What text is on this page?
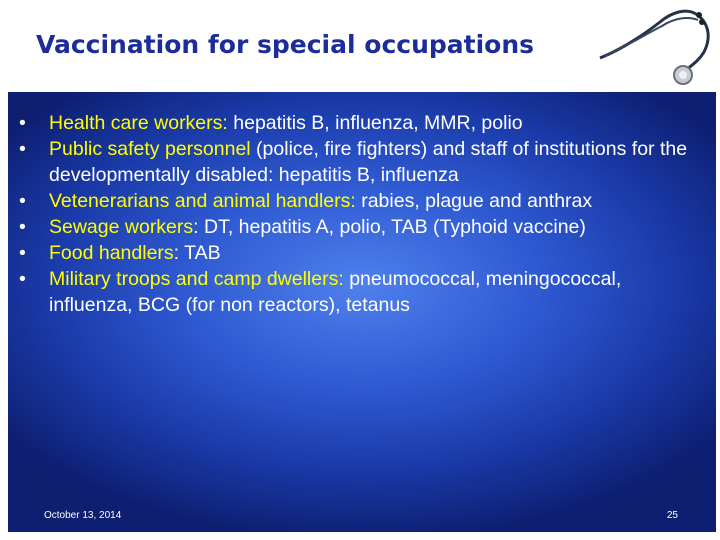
Vaccination for special occupations
• Health care workers: hepatitis B, influenza, MMR, polio
• Public safety personnel (police, fire fighters) and staff of institutions for the developmentally disabled: hepatitis B, influenza
• Vetenerarians and animal handlers: rabies, plague and anthrax
• Sewage workers: DT, hepatitis A, polio, TAB (Typhoid vaccine)
• Food handlers: TAB
• Military troops and camp dwellers: pneumococcal, meningococcal, influenza, BCG (for non reactors), tetanus
October 13, 2014	25
